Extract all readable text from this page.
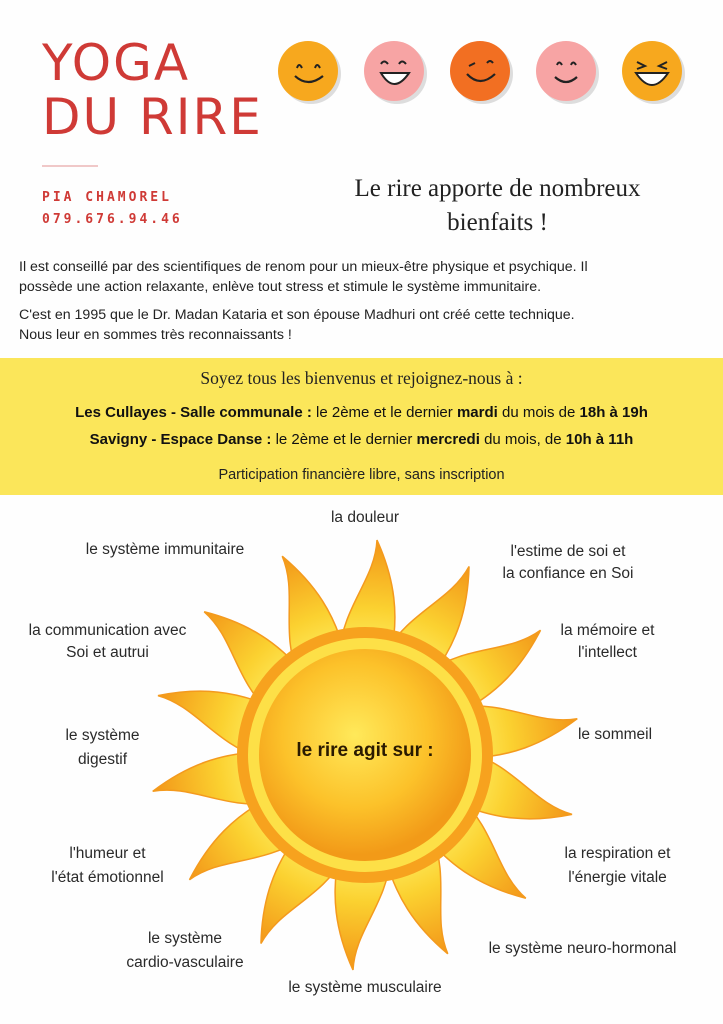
YOGA
DU RIRE
PIA CHAMOREL
079.676.94.46
Le rire apporte de nombreux
bienfaits !
Il est conseillé par des scientifiques de renom pour un mieux-être physique et psychique. Il
possède une action relaxante, enlève tout stress et stimule le système immunitaire.
C'est en 1995 que le Dr. Madan Kataria et son épouse Madhuri ont créé cette technique.
Nous leur en sommes très reconnaissants !
Soyez tous les bienvenus et rejoignez-nous à :
Les Cullayes - Salle communale : le 2ème et le dernier mardi du mois de 18h à 19h
Savigny - Espace Danse : le 2ème et le dernier mercredi du mois, de 10h à 11h
Participation financière libre, sans inscription
le rire agit sur :
la douleur
le système immunitaire	l'estime de soi et
la confiance en Soi
la communication avec
Soi et autrui
la mémoire et
l'intellect
le système
digestif
le sommeil
l'humeur et
l'état émotionnel
la respiration et
l'énergie vitale
le système
cardio-vasculaire
le système neuro-hormonal
le système musculaire
